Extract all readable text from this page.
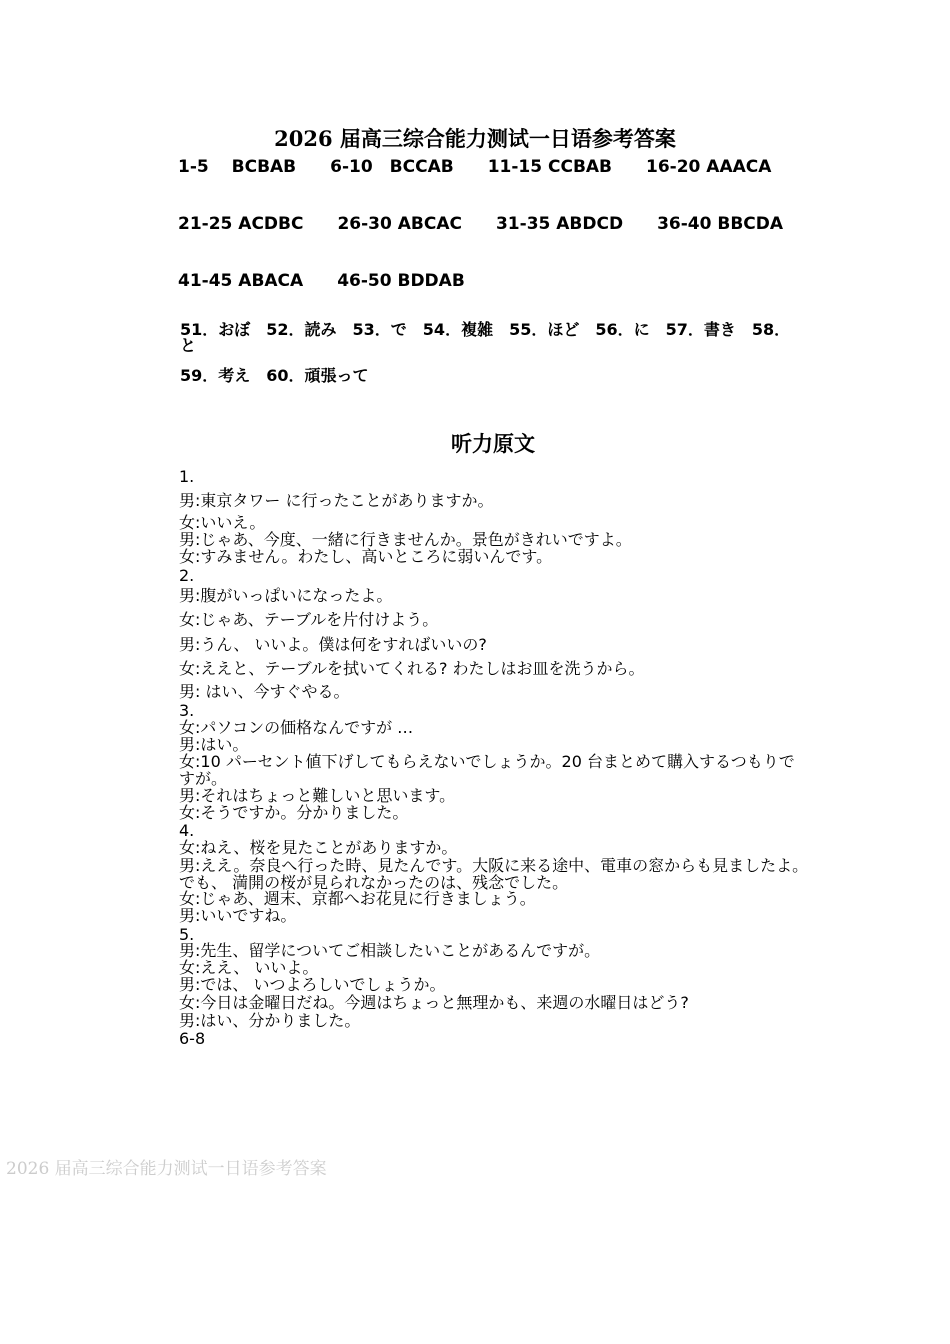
2026 届高三综合能力测试一日语参考答案
1-5　 BCBAB　　6-10　BCCAB　　11-15 CCBAB　　16-20 AAACA
21-25 ACDBC　　26-30 ABCAC　　31-35 ABDCD　　36-40 BBCDA
41-45 ABACA　　46-50 BDDAB
51．おぼ　52．読み　53．で　54．複雑　55．ほど　56．に　57．書き　58．と
59．考え　60．頑張って
听力原文
1.
男:東京タワー に行ったことがありますか。
女:いいえ。
男:じゃあ、今度、一緒に行きませんか。景色がきれいですよ。
女:すみません。わたし、高いところに弱いんです。
2.
男:腹がいっぱいになったよ。
女:じゃあ、テーブルを片付けよう。
男:うん、 いいよ。僕は何をすればいいの?
女:ええと、テーブルを拭いてくれる? わたしはお皿を洗うから。
男: はい、今すぐやる。
3.
女:パソコンの価格なんですが …
男:はい。
女:10 パーセント値下げしてもらえないでしょうか。20 台まとめて購入するつもりですが。
男:それはちょっと難しいと思います。
女:そうですか。分かりました。
4.
女:ねえ、桜を見たことがありますか。
男:ええ。奈良へ行った時、見たんです。大阪に来る途中、電車の窓からも見ましたよ。でも、 満開の桜が見られなかったのは、残念でした。
女:じゃあ、週末、京都へお花見に行きましょう。
男:いいですね。
5.
男:先生、留学についてご相談したいことがあるんですが。
女:ええ、 いいよ。
男:では、 いつよろしいでしょうか。
女:今日は金曜日だね。今週はちょっと無理かも、来週の水曜日はどう?
男:はい、分かりました。
6-8
2026 届高三综合能力测试一日语参考答案
